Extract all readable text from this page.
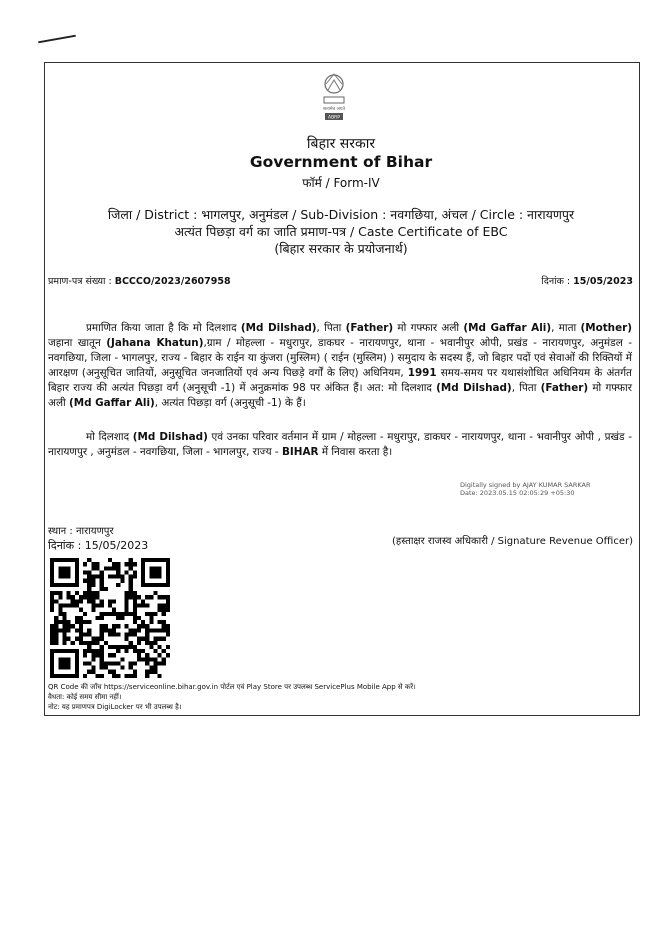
सत्यमेव जयते
ABRP
बिहार सरकार
Government of Bihar
फॉर्म / Form-IV
जिला / District : भागलपुर, अनुमंडल / Sub-Division : नवगछिया, अंचल / Circle : नारायणपुर
अत्यंत पिछड़ा वर्ग का जाति प्रमाण-पत्र / Caste Certificate of EBC
(बिहार सरकार के प्रयोजनार्थ)
प्रमाण-पत्र संख्या : BCCCO/2023/2607958	दिनांक : 15/05/2023
प्रमाणित किया जाता है कि मो दिलशाद (Md Dilshad), पिता (Father) मो गफ्फार अली (Md Gaffar Ali), माता (Mother) जहाना खातून (Jahana Khatun),ग्राम / मोहल्ला - मधुरापुर, डाकघर - नारायणपुर, थाना - भवानीपुर ओपी, प्रखंड - नारायणपुर, अनुमंडल - नवगछिया, जिला - भागलपुर, राज्य - बिहार के राईन या कुंजरा (मुस्लिम) ( राईन (मुस्लिम) ) समुदाय के सदस्य हैं, जो बिहार पदों एवं सेवाओं की रिक्तियों में आरक्षण (अनुसूचित जातियों, अनुसूचित जनजातियों एवं अन्य पिछड़े वर्गों के लिए) अधिनियम, 1991 समय-समय पर यथासंशोधित अधिनियम के अंतर्गत बिहार राज्य की अत्यंत पिछड़ा वर्ग (अनुसूची -1) में अनुक्रमांक 98 पर अंकित हैं। अत: मो दिलशाद (Md Dilshad), पिता (Father) मो गफ्फार अली (Md Gaffar Ali), अत्यंत पिछड़ा वर्ग (अनुसूची -1) के हैं।
मो दिलशाद (Md Dilshad) एवं उनका परिवार वर्तमान में ग्राम / मोहल्ला - मधुरापुर, डाकघर - नारायणपुर, थाना - भवानीपुर ओपी , प्रखंड - नारायणपुर , अनुमंडल - नवगछिया, जिला - भागलपुर, राज्य - BIHAR में निवास करता है।
Digitally signed by AJAY KUMAR SARKAR
Date: 2023.05.15 02:05:29 +05:30
स्थान : नारायणपुर
दिनांक : 15/05/2023	(हस्ताक्षर राजस्व अधिकारी / Signature Revenue Officer)
QR Code की जाँच https://serviceonline.bihar.gov.in पोर्टल एवं Play Store पर उपलब्ध ServicePlus Mobile App से करें।
वैधता: कोई समय सीमा नहीं।
नोट: यह प्रमाणपत्र DigiLocker पर भी उपलब्ध है।
